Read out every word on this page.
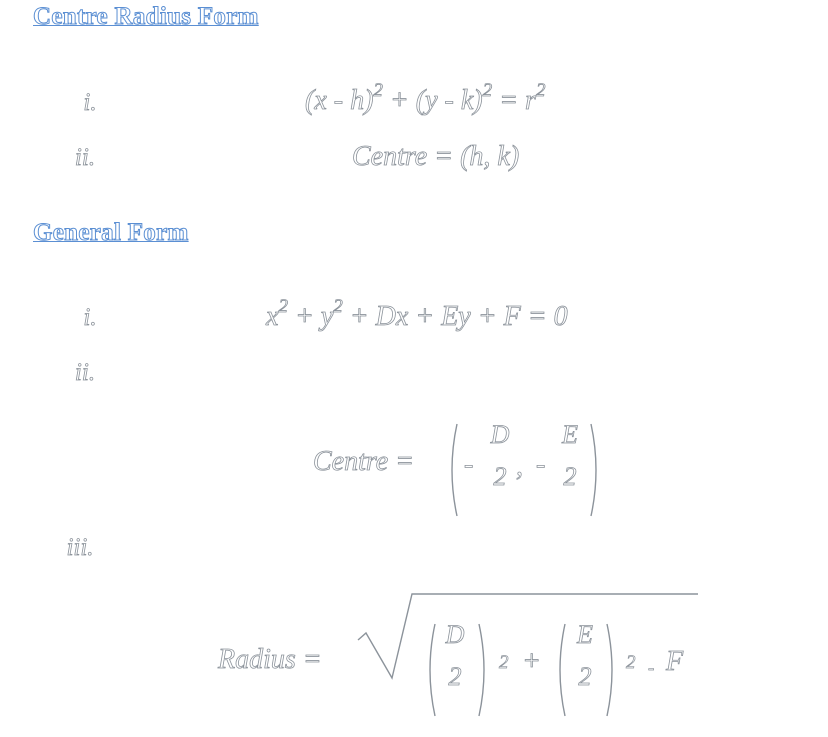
Centre Radius Form
i.	$(x - h)^2 + (y - k)^2 = r^2$
ii.	Centre = (h, k)
General Form
i.	$x^2 + y^2 + Dx + Ey + F = 0$
ii.
Centre = -
D
2 , -
E
2
iii.
Radius =
D
2	2 +
E
2	2 - F
